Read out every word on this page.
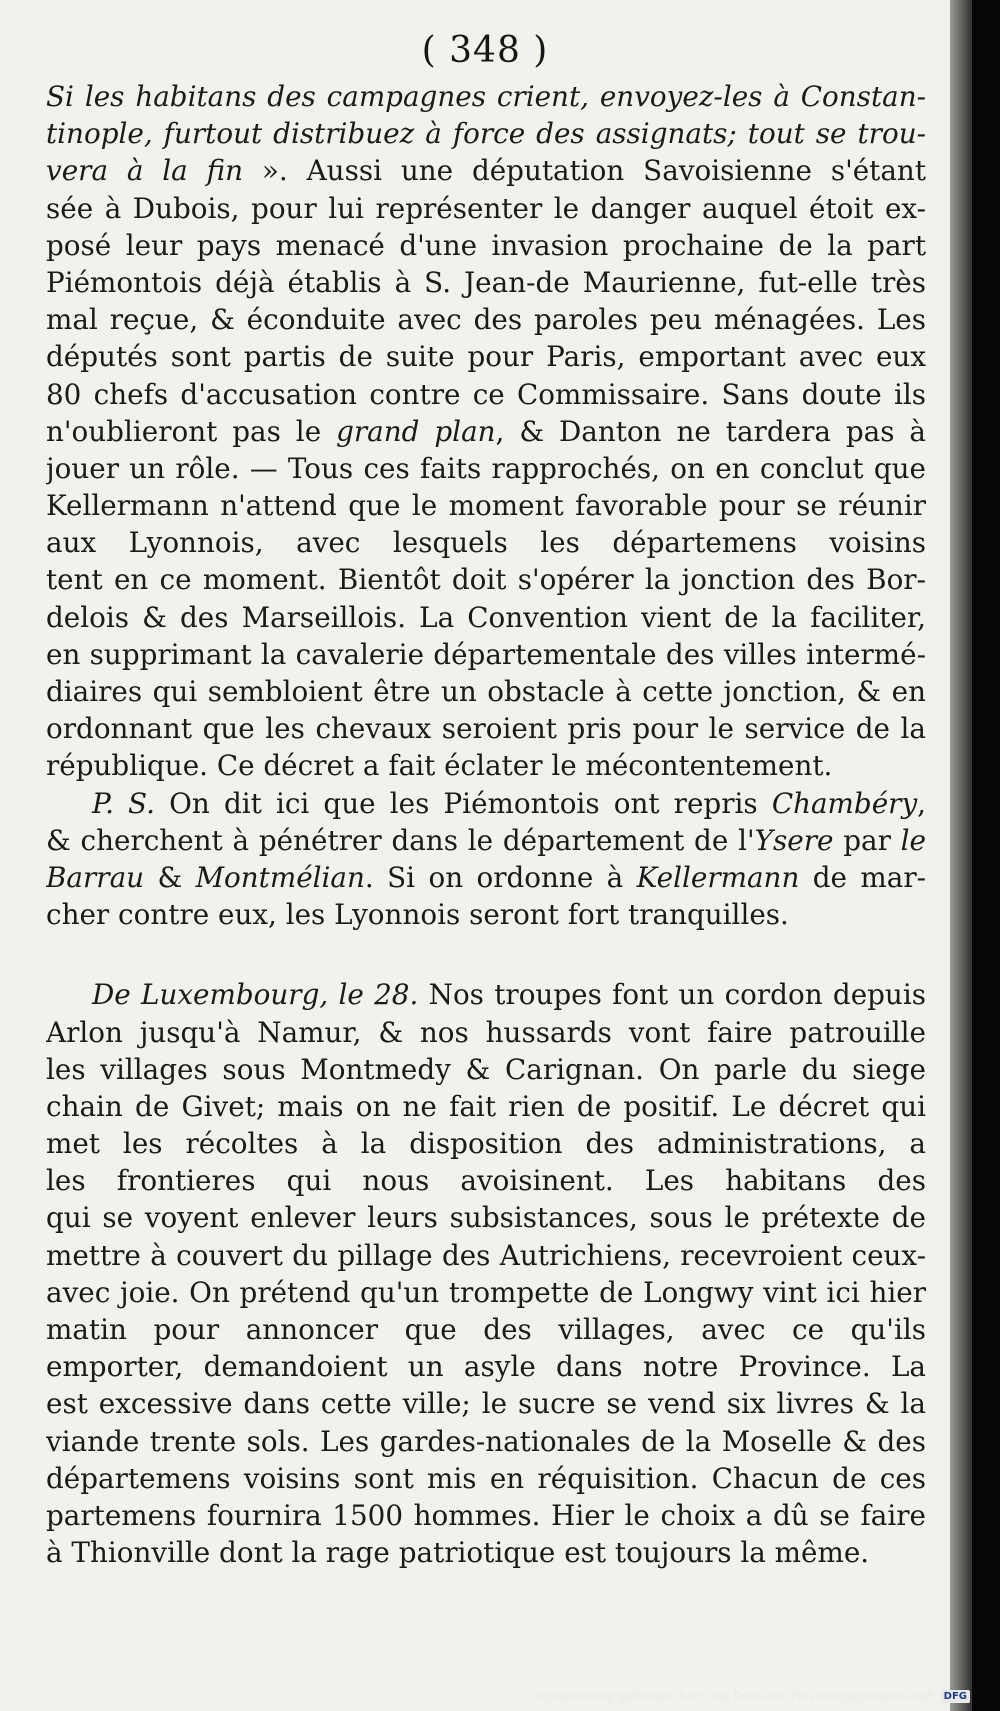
( 348 )
Si les habitans des campagnes crient, envoyez-les à Constan-
tinople, furtout distribuez à force des assignats; tout se trou-
vera à la fin ». Aussi une députation Savoisienne s'étant
sée à Dubois, pour lui représenter le danger auquel étoit ex-
posé leur pays menacé d'une invasion prochaine de la part
Piémontois déjà établis à S. Jean-de Maurienne, fut-elle très
mal reçue, & éconduite avec des paroles peu ménagées. Les
députés sont partis de suite pour Paris, emportant avec eux
80 chefs d'accusation contre ce Commissaire. Sans doute ils
n'oublieront pas le grand plan, & Danton ne tardera pas à
jouer un rôle. — Tous ces faits rapprochés, on en conclut que
Kellermann n'attend que le moment favorable pour se réunir
aux Lyonnois, avec lesquels les départemens voisins
tent en ce moment. Bientôt doit s'opérer la jonction des Bor-
delois & des Marseillois. La Convention vient de la faciliter,
en supprimant la cavalerie départementale des villes intermé-
diaires qui sembloient être un obstacle à cette jonction, & en
ordonnant que les chevaux seroient pris pour le service de la
république. Ce décret a fait éclater le mécontentement.
P. S. On dit ici que les Piémontois ont repris Chambéry,
& cherchent à pénétrer dans le département de l'Ysere par le
Barrau & Montmélian. Si on ordonne à Kellermann de mar-
cher contre eux, les Lyonnois seront fort tranquilles.
De Luxembourg, le 28. Nos troupes font un cordon depuis
Arlon jusqu'à Namur, & nos hussards vont faire patrouille
les villages sous Montmedy & Carignan. On parle du siege
chain de Givet; mais on ne fait rien de positif. Le décret qui
met les récoltes à la disposition des administrations, a
les frontieres qui nous avoisinent. Les habitans des
qui se voyent enlever leurs subsistances, sous le prétexte de
mettre à couvert du pillage des Autrichiens, recevroient ceux-
avec joie. On prétend qu'un trompette de Longwy vint ici hier
matin pour annoncer que des villages, avec ce qu'ils
emporter, demandoient un asyle dans notre Province. La
est excessive dans cette ville; le sucre se vend six livres & la
viande trente sols. Les gardes-nationales de la Moselle & des
départemens voisins sont mis en réquisition. Chacun de ces
partemens fournira 1500 hommes. Hier le choix a dû se faire
à Thionville dont la rage patriotique est toujours la même.
Digitalisierung gefördert durch die Deutsche Forschungsgemeinschaft DFG
